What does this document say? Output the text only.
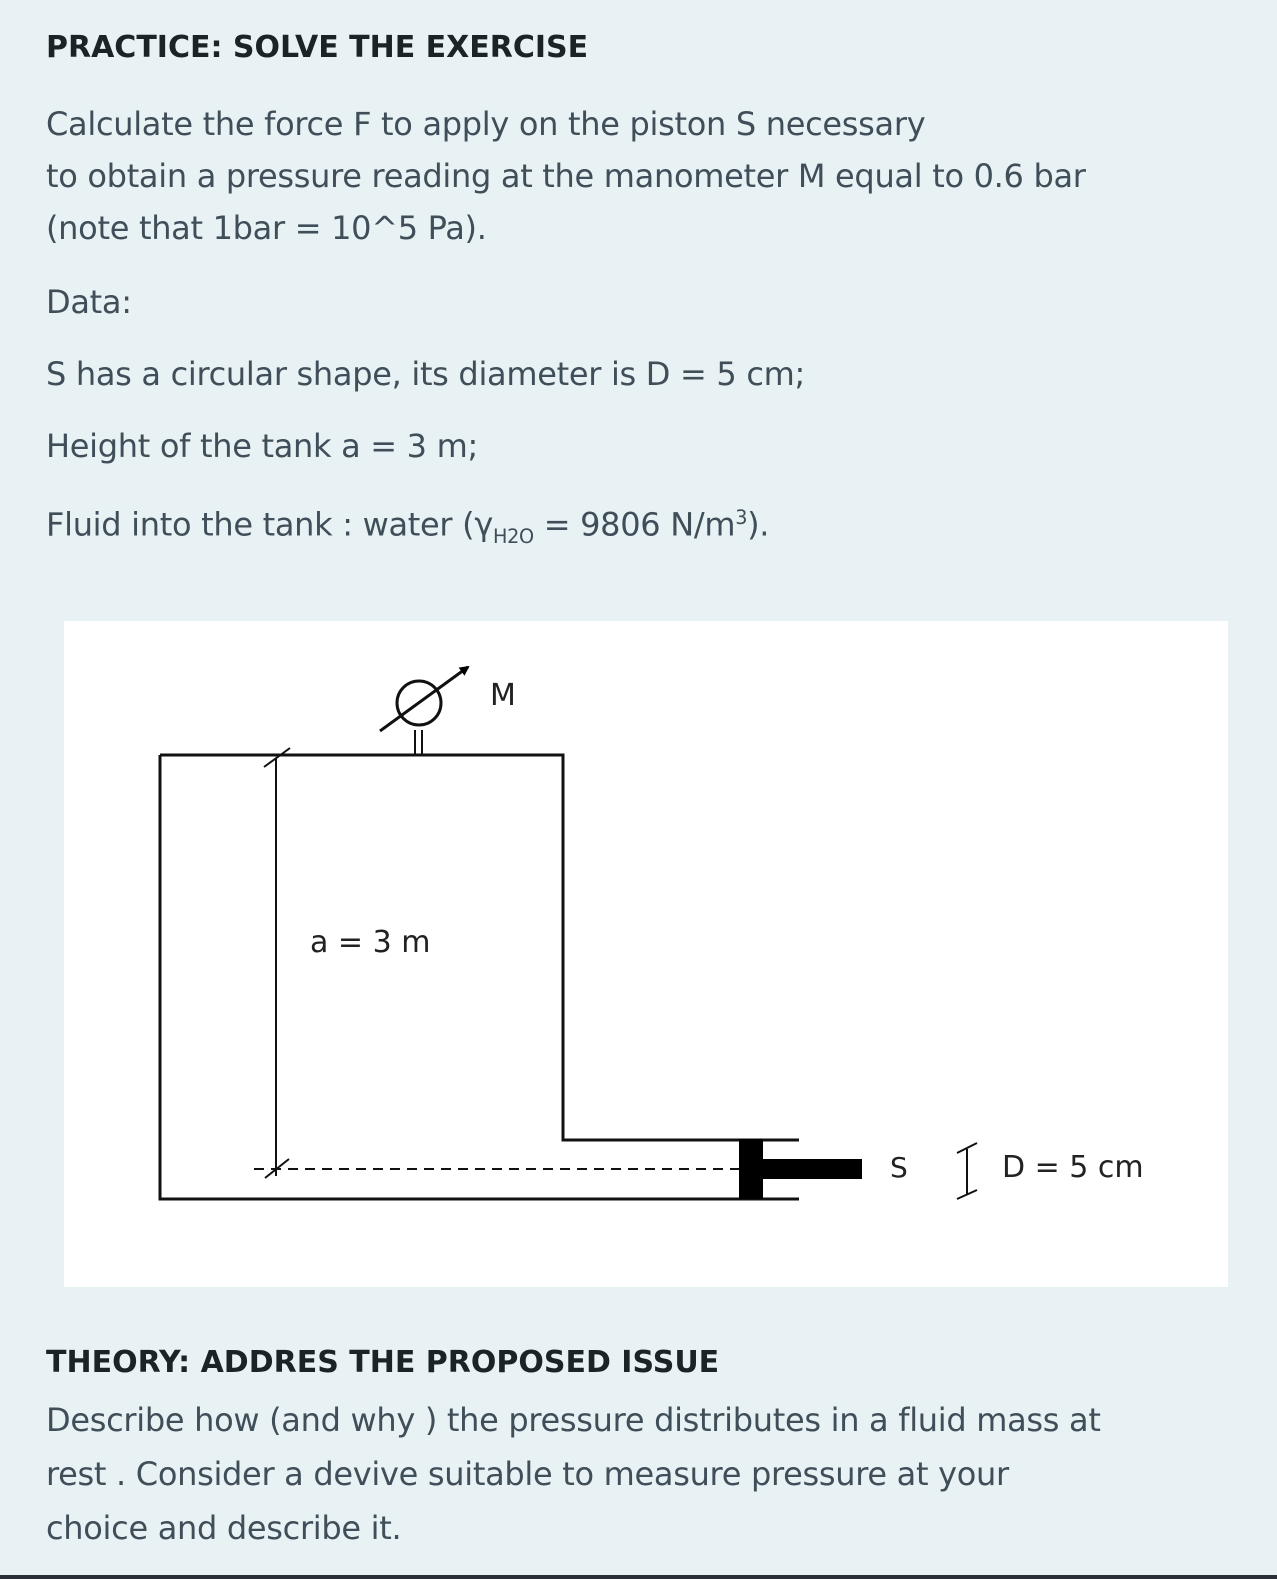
PRACTICE: SOLVE THE EXERCISE

Calculate the force F to apply on the piston S necessary
to obtain a pressure reading at the manometer M equal to 0.6 bar
(note that 1bar = 10^5 Pa).

Data:

S has a circular shape, its diameter is D = 5 cm;

Height of the tank a = 3 m;

Fluid into the tank : water ($\gamma_{H2O} = 9806$ $N/m^3$).

M
a = 3 m
S	D = 5 cm
THEORY: ADDRES THE PROPOSED ISSUE

Describe how (and why ) the pressure distributes in a fluid mass at
rest . Consider a devive suitable to measure pressure at your
choice and describe it.
